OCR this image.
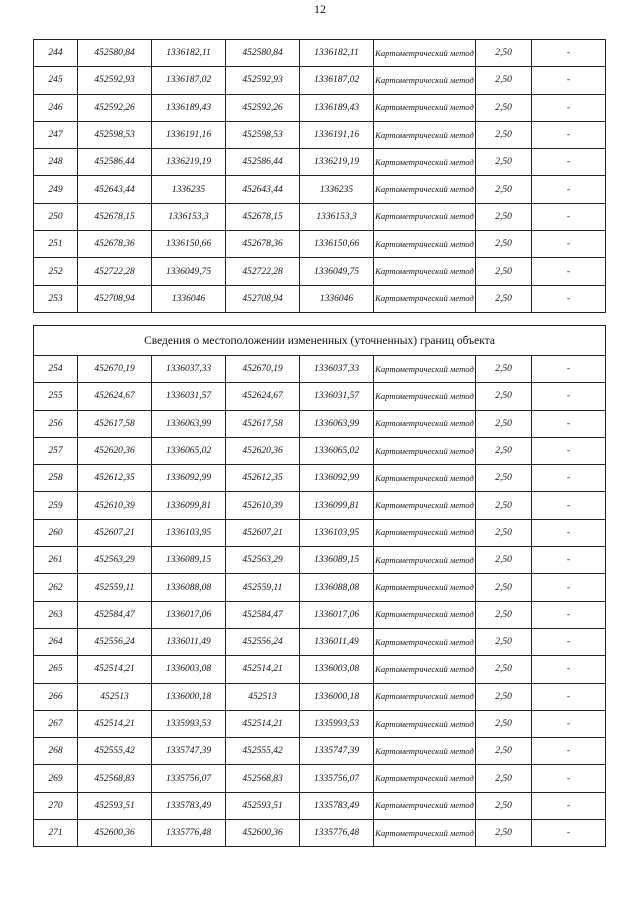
12
244	452580,84	1336182,11	452580,84	1336182,11	Картометрический метод	2,50	-
245	452592,93	1336187,02	452592,93	1336187,02	Картометрический метод	2,50	-
246	452592,26	1336189,43	452592,26	1336189,43	Картометрический метод	2,50	-
247	452598,53	1336191,16	452598,53	1336191,16	Картометрический метод	2,50	-
248	452586,44	1336219,19	452586,44	1336219,19	Картометрический метод	2,50	-
249	452643,44	1336235	452643,44	1336235	Картометрический метод	2,50	-
250	452678,15	1336153,3	452678,15	1336153,3	Картометрический метод	2,50	-
251	452678,36	1336150,66	452678,36	1336150,66	Картометрический метод	2,50	-
252	452722,28	1336049,75	452722,28	1336049,75	Картометрический метод	2,50	-
253	452708,94	1336046	452708,94	1336046	Картометрический метод	2,50	-
Сведения о местоположении измененных (уточненных) границ объекта							
254	452670,19	1336037,33	452670,19	1336037,33	Картометрический метод	2,50	-
255	452624,67	1336031,57	452624,67	1336031,57	Картометрический метод	2,50	-
256	452617,58	1336063,99	452617,58	1336063,99	Картометрический метод	2,50	-
257	452620,36	1336065,02	452620,36	1336065,02	Картометрический метод	2,50	-
258	452612,35	1336092,99	452612,35	1336092,99	Картометрический метод	2,50	-
259	452610,39	1336099,81	452610,39	1336099,81	Картометрический метод	2,50	-
260	452607,21	1336103,95	452607,21	1336103,95	Картометрический метод	2,50	-
261	452563,29	1336089,15	452563,29	1336089,15	Картометрический метод	2,50	-
262	452559,11	1336088,08	452559,11	1336088,08	Картометрический метод	2,50	-
263	452584,47	1336017,06	452584,47	1336017,06	Картометрический метод	2,50	-
264	452556,24	1336011,49	452556,24	1336011,49	Картометрический метод	2,50	-
265	452514,21	1336003,08	452514,21	1336003,08	Картометрический метод	2,50	-
266	452513	1336000,18	452513	1336000,18	Картометрический метод	2,50	-
267	452514,21	1335993,53	452514,21	1335993,53	Картометрический метод	2,50	-
268	452555,42	1335747,39	452555,42	1335747,39	Картометрический метод	2,50	-
269	452568,83	1335756,07	452568,83	1335756,07	Картометрический метод	2,50	-
270	452593,51	1335783,49	452593,51	1335783,49	Картометрический метод	2,50	-
271	452600,36	1335776,48	452600,36	1335776,48	Картометрический метод	2,50	-
